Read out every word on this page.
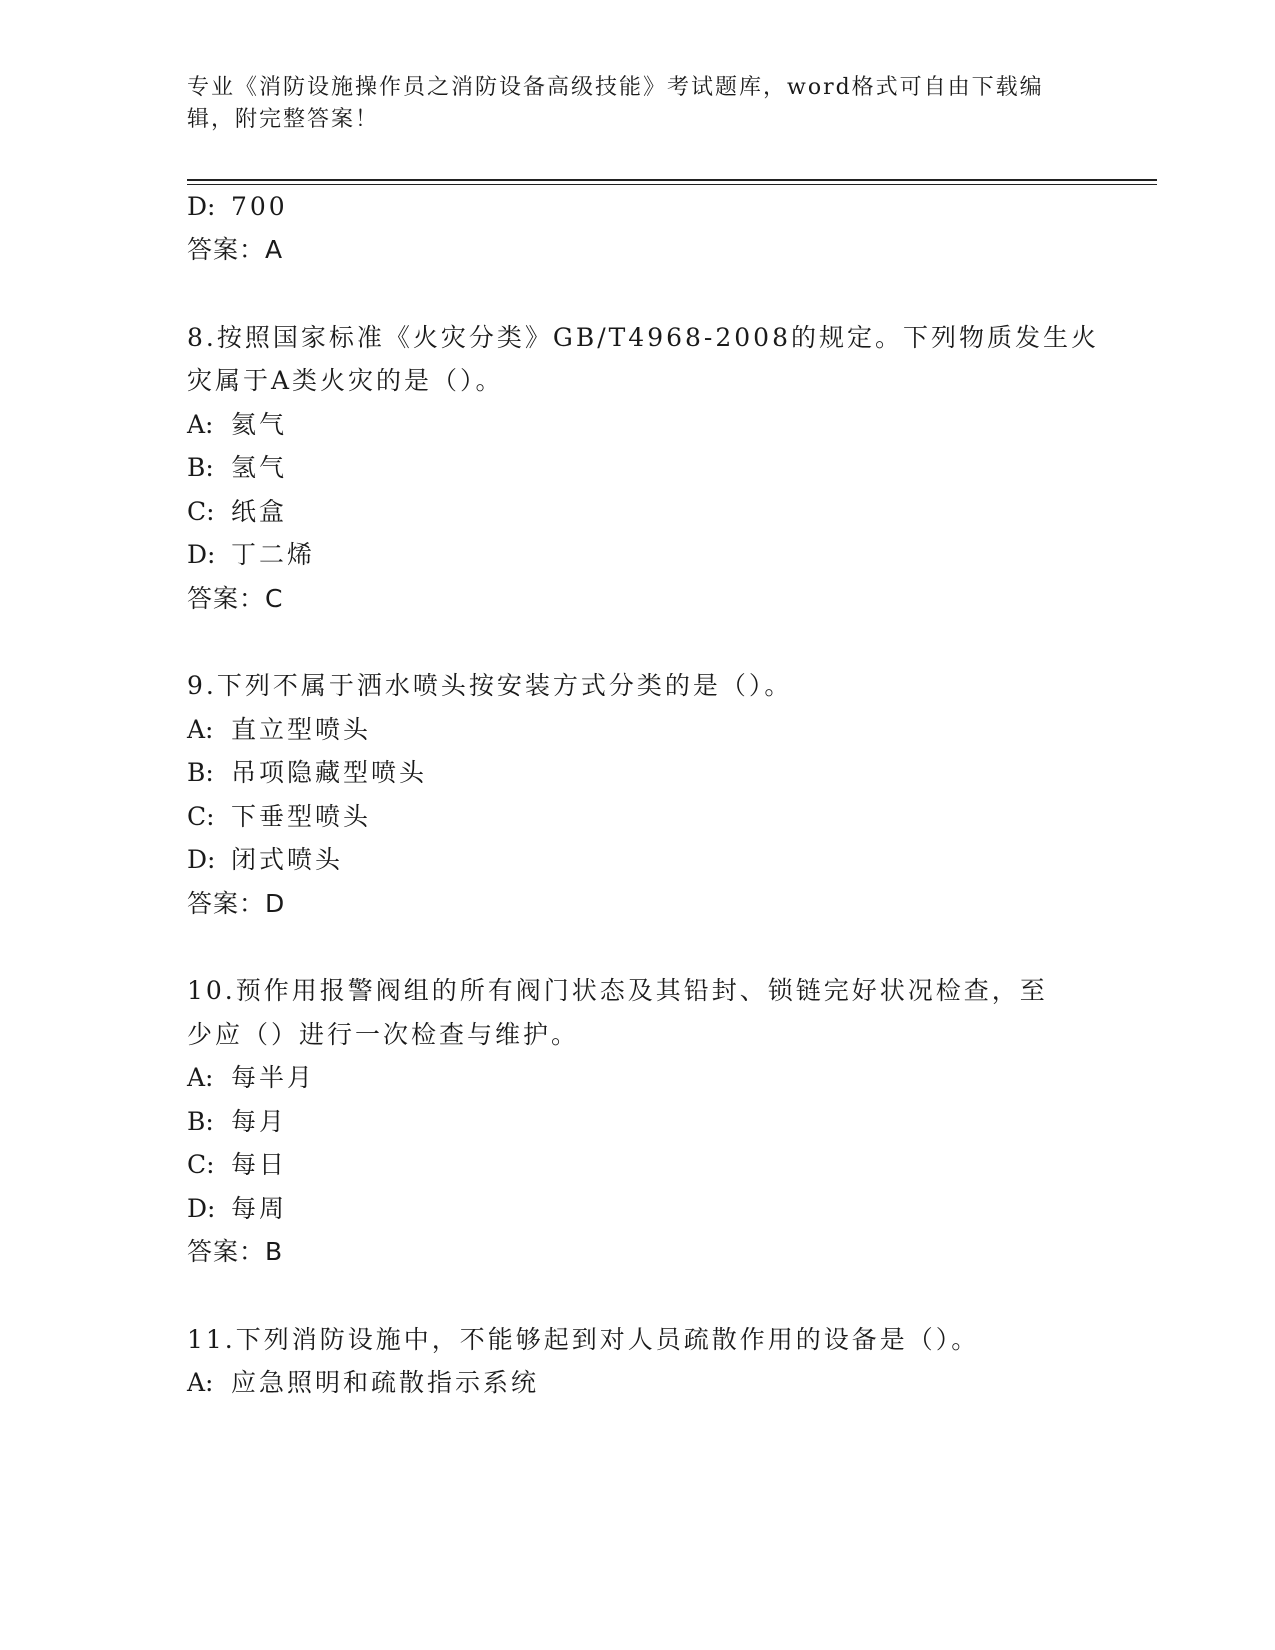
专业《消防设施操作员之消防设备高级技能》考试题库，word格式可自由下载编
辑，附完整答案！
D: 700
答案：A
8.按照国家标准《火灾分类》GB/T4968-2008的规定。下列物质发生火
灾属于A类火灾的是（）。
A: 氦气
B: 氢气
C: 纸盒
D: 丁二烯
答案：C
9.下列不属于洒水喷头按安装方式分类的是（）。
A: 直立型喷头
B: 吊项隐藏型喷头
C: 下垂型喷头
D: 闭式喷头
答案：D
10.预作用报警阀组的所有阀门状态及其铅封、锁链完好状况检查，至
少应（）进行一次检查与维护。
A: 每半月
B: 每月
C: 每日
D: 每周
答案：B
11.下列消防设施中，不能够起到对人员疏散作用的设备是（）。
A: 应急照明和疏散指示系统
